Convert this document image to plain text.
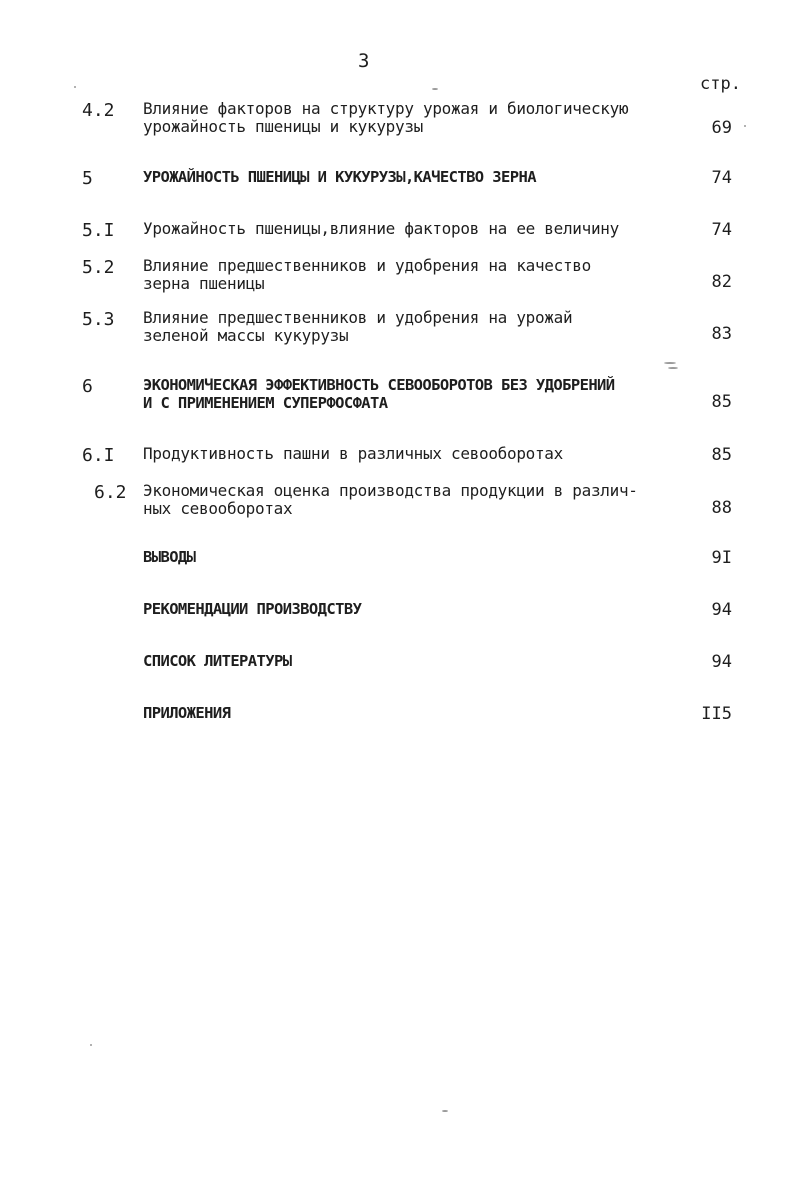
3
стр.
4.2 Влияние факторов на структуру урожая и биологическую
урожайность пшеницы и кукурузы	69
5	УРОЖАЙНОСТЬ ПШЕНИЦЫ И КУКУРУЗЫ,КАЧЕСТВО ЗЕРНА	74
5.I Урожайность пшеницы,влияние факторов на ее величину	74
5.2 Влияние предшественников и удобрения на качество
зерна пшеницы	82
5.3 Влияние предшественников и удобрения на урожай
зеленой массы кукурузы	83
6	ЭКОНОМИЧЕСКАЯ ЭФФЕКТИВНОСТЬ СЕВООБОРОТОВ БЕЗ УДОБРЕНИЙ
И С ПРИМЕНЕНИЕМ СУПЕРФОСФАТА	85
6.I Продуктивность пашни в различных севооборотах	85
6.2 Экономическая оценка производства продукции в различ-
ных севооборотах	88
ВЫВОДЫ	9I
РЕКОМЕНДАЦИИ ПРОИЗВОДСТВУ	94
СПИСОК ЛИТЕРАТУРЫ	94
ПРИЛОЖЕНИЯ	II5
